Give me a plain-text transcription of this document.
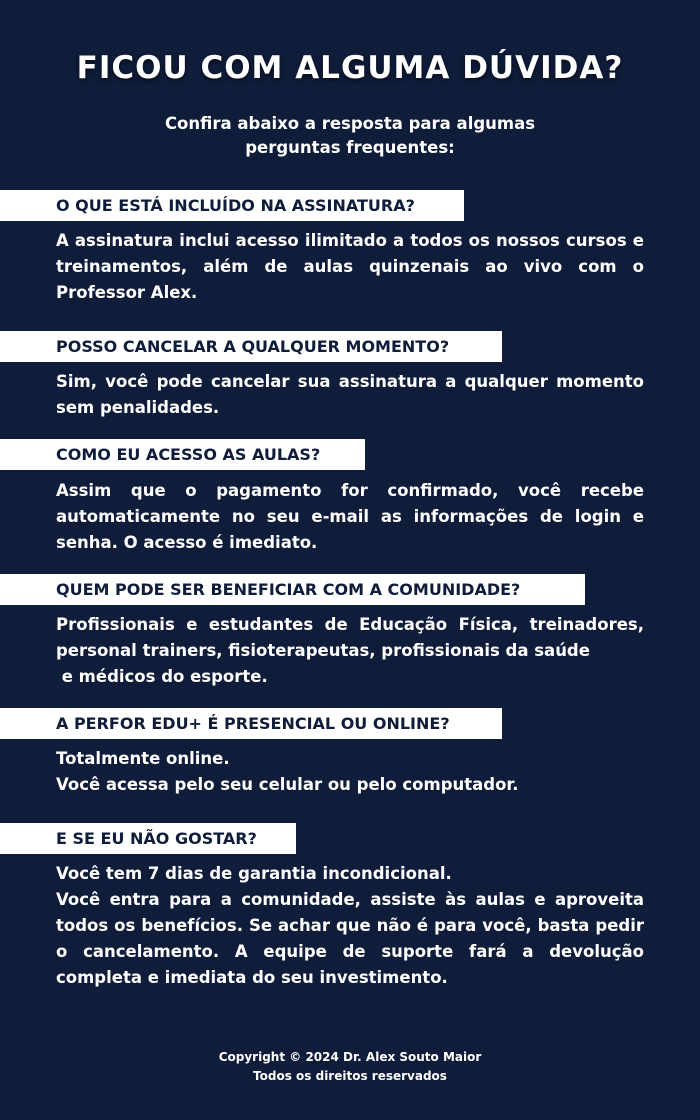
FICOU COM ALGUMA DÚVIDA?
Confira abaixo a resposta para algumas
perguntas frequentes:
O QUE ESTÁ INCLUÍDO NA ASSINATURA?
A assinatura inclui acesso ilimitado a todos os nossos cursos e treinamentos, além de aulas quinzenais ao vivo com o Professor Alex.
POSSO CANCELAR A QUALQUER MOMENTO?
Sim, você pode cancelar sua assinatura a qualquer momento sem penalidades.
COMO EU ACESSO AS AULAS?
Assim que o pagamento for confirmado, você recebe automaticamente no seu e-mail as informações de login e senha. O acesso é imediato.
QUEM PODE SER BENEFICIAR COM A COMUNIDADE?
Profissionais e estudantes de Educação Física, treinadores,
personal trainers, fisioterapeutas, profissionais da saúde
e médicos do esporte.
A PERFOR EDU+ É PRESENCIAL OU ONLINE?
Totalmente online.
Você acessa pelo seu celular ou pelo computador.
E SE EU NÃO GOSTAR?
Você tem 7 dias de garantia incondicional.
Você entra para a comunidade, assiste às aulas e aproveita todos os benefícios. Se achar que não é para você, basta pedir o cancelamento. A equipe de suporte fará a devolução completa e imediata do seu investimento.
Copyright © 2024 Dr. Alex Souto Maior
Todos os direitos reservados
